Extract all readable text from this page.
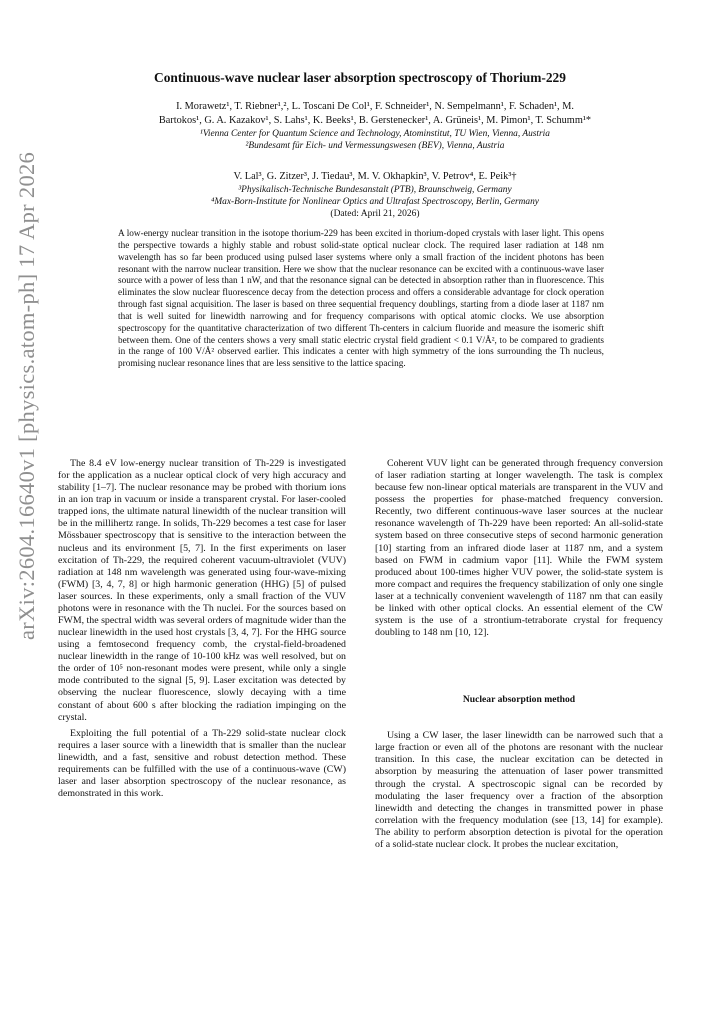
arXiv:2604.16640v1 [physics.atom-ph] 17 Apr 2026
Continuous-wave nuclear laser absorption spectroscopy of Thorium-229
I. Morawetz¹, T. Riebner¹,², L. Toscani De Col¹, F. Schneider¹, N. Sempelmann¹, F. Schaden¹, M.
Bartokos¹, G. A. Kazakov¹, S. Lahs¹, K. Beeks¹, B. Gerstenecker¹, A. Grüneis¹, M. Pimon¹, T. Schumm¹*
¹Vienna Center for Quantum Science and Technology, Atominstitut, TU Wien, Vienna, Austria
²Bundesamt für Eich- und Vermessungswesen (BEV), Vienna, Austria
V. Lal³, G. Zitzer³, J. Tiedau³, M. V. Okhapkin³, V. Petrov⁴, E. Peik³†
³Physikalisch-Technische Bundesanstalt (PTB), Braunschweig, Germany
⁴Max-Born-Institute for Nonlinear Optics and Ultrafast Spectroscopy, Berlin, Germany
(Dated: April 21, 2026)
A low-energy nuclear transition in the isotope thorium-229 has been excited in thorium-doped crystals with laser light. This opens the perspective towards a highly stable and robust solid-state optical nuclear clock. The required laser radiation at 148 nm wavelength has so far been produced using pulsed laser systems where only a small fraction of the incident photons has been resonant with the narrow nuclear transition. Here we show that the nuclear resonance can be excited with a continuous-wave laser source with a power of less than 1 nW, and that the resonance signal can be detected in absorption rather than in fluorescence. This eliminates the slow nuclear fluorescence decay from the detection process and offers a considerable advantage for clock operation through fast signal acquisition. The laser is based on three sequential frequency doublings, starting from a diode laser at 1187 nm that is well suited for linewidth narrowing and for frequency comparisons with optical atomic clocks. We use absorption spectroscopy for the quantitative characterization of two different Th-centers in calcium fluoride and measure the isomeric shift between them. One of the centers shows a very small static electric crystal field gradient < 0.1 V/Å², to be compared to gradients in the range of 100 V/Å² observed earlier. This indicates a center with high symmetry of the ions surrounding the Th nucleus, promising nuclear resonance lines that are less sensitive to the lattice spacing.

The 8.4 eV low-energy nuclear transition of Th-229 is investigated for the application as a nuclear optical clock of very high accuracy and stability [1–7]. The nuclear resonance may be probed with thorium ions in an ion trap in vacuum or inside a transparent crystal. For laser-cooled trapped ions, the ultimate natural linewidth of the nuclear transition will be in the millihertz range. In solids, Th-229 becomes a test case for laser Mössbauer spectroscopy that is sensitive to the interaction between the nucleus and its environment [5, 7]. In the first experiments on laser excitation of Th-229, the required coherent vacuum-ultraviolet (VUV) radiation at 148 nm wavelength was generated using four-wave-mixing (FWM) [3, 4, 7, 8] or high harmonic generation (HHG) [5] of pulsed laser sources. In these experiments, only a small fraction of the VUV photons were in resonance with the Th nuclei. For the sources based on FWM, the spectral width was several orders of magnitude wider than the nuclear linewidth in the used host crystals [3, 4, 7]. For the HHG source using a femtosecond frequency comb, the crystal-field-broadened nuclear linewidth in the range of 10-100 kHz was well resolved, but on the order of 10⁵ non-resonant modes were present, while only a single mode contributed to the signal [5, 9]. Laser excitation was detected by observing the nuclear fluorescence, slowly decaying with a time constant of about 600 s after blocking the radiation impinging on the crystal.

Exploiting the full potential of a Th-229 solid-state nuclear clock requires a laser source with a linewidth that is smaller than the nuclear linewidth, and a fast, sensitive and robust detection method. These requirements can be fulfilled with the use of a continuous-wave (CW) laser and laser absorption spectroscopy of the nuclear resonance, as demonstrated in this work.

Coherent VUV light can be generated through frequency conversion of laser radiation starting at longer wavelength. The task is complex because few non-linear optical materials are transparent in the VUV and possess the properties for phase-matched frequency conversion. Recently, two different continuous-wave laser sources at the nuclear resonance wavelength of Th-229 have been reported: An all-solid-state system based on three consecutive steps of second harmonic generation [10] starting from an infrared diode laser at 1187 nm, and a system based on FWM in cadmium vapor [11]. While the FWM system produced about 100-times higher VUV power, the solid-state system is more compact and requires the frequency stabilization of only one single laser at a technically convenient wavelength of 1187 nm that can easily be linked with other optical clocks. An essential element of the CW system is the use of a strontium-tetraborate crystal for frequency doubling to 148 nm [10, 12].

Nuclear absorption method

Using a CW laser, the laser linewidth can be narrowed such that a large fraction or even all of the photons are resonant with the nuclear transition. In this case, the nuclear excitation can be detected in absorption by measuring the attenuation of laser power transmitted through the crystal. A spectroscopic signal can be recorded by modulating the laser frequency over a fraction of the absorption linewidth and detecting the changes in transmitted power in phase correlation with the frequency modulation (see [13, 14] for example). The ability to perform absorption detection is pivotal for the operation of a solid-state nuclear clock. It probes the nuclear excitation,
